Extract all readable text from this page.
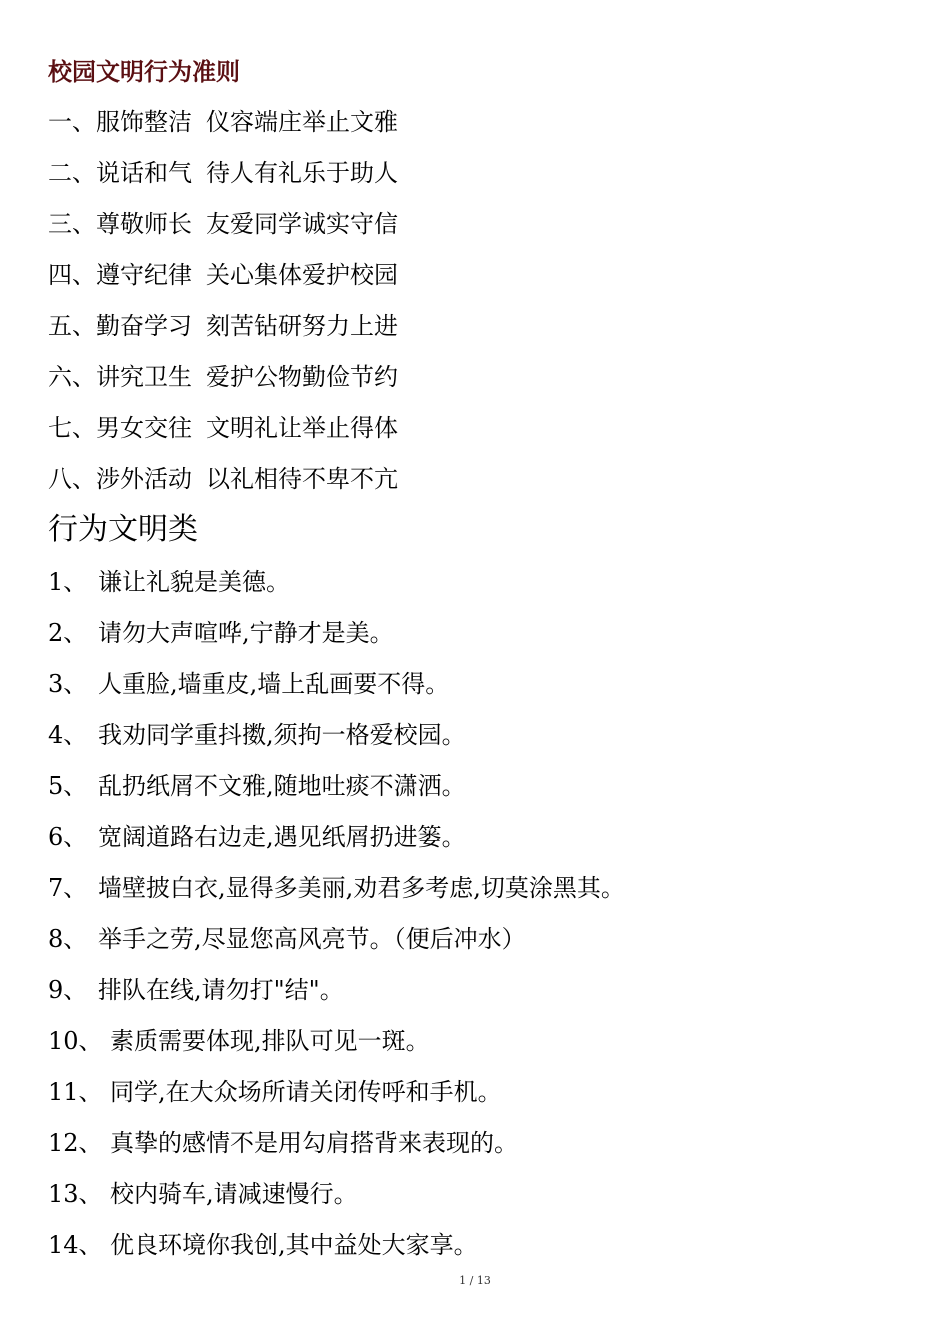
校园文明行为准则
一、服饰整洁 仪容端庄举止文雅
二、说话和气 待人有礼乐于助人
三、尊敬师长 友爱同学诚实守信
四、遵守纪律 关心集体爱护校园
五、勤奋学习 刻苦钻研努力上进
六、讲究卫生 爱护公物勤俭节约
七、男女交往 文明礼让举止得体
八、涉外活动 以礼相待不卑不亢
行为文明类
1、 谦让礼貌是美德。
2、 请勿大声喧哗,宁静才是美。
3、 人重脸,墙重皮,墙上乱画要不得。
4、 我劝同学重抖擞,须拘一格爱校园。
5、 乱扔纸屑不文雅,随地吐痰不潇洒。
6、 宽阔道路右边走,遇见纸屑扔进篓。
7、 墙壁披白衣,显得多美丽,劝君多考虑,切莫涂黑其。
8、 举手之劳,尽显您高风亮节。（便后冲水）
9、 排队在线,请勿打"结"。
10、 素质需要体现,排队可见一斑。
11、 同学,在大众场所请关闭传呼和手机。
12、 真挚的感情不是用勾肩搭背来表现的。
13、 校内骑车,请减速慢行。
14、 优良环境你我创,其中益处大家享。
1 / 13
